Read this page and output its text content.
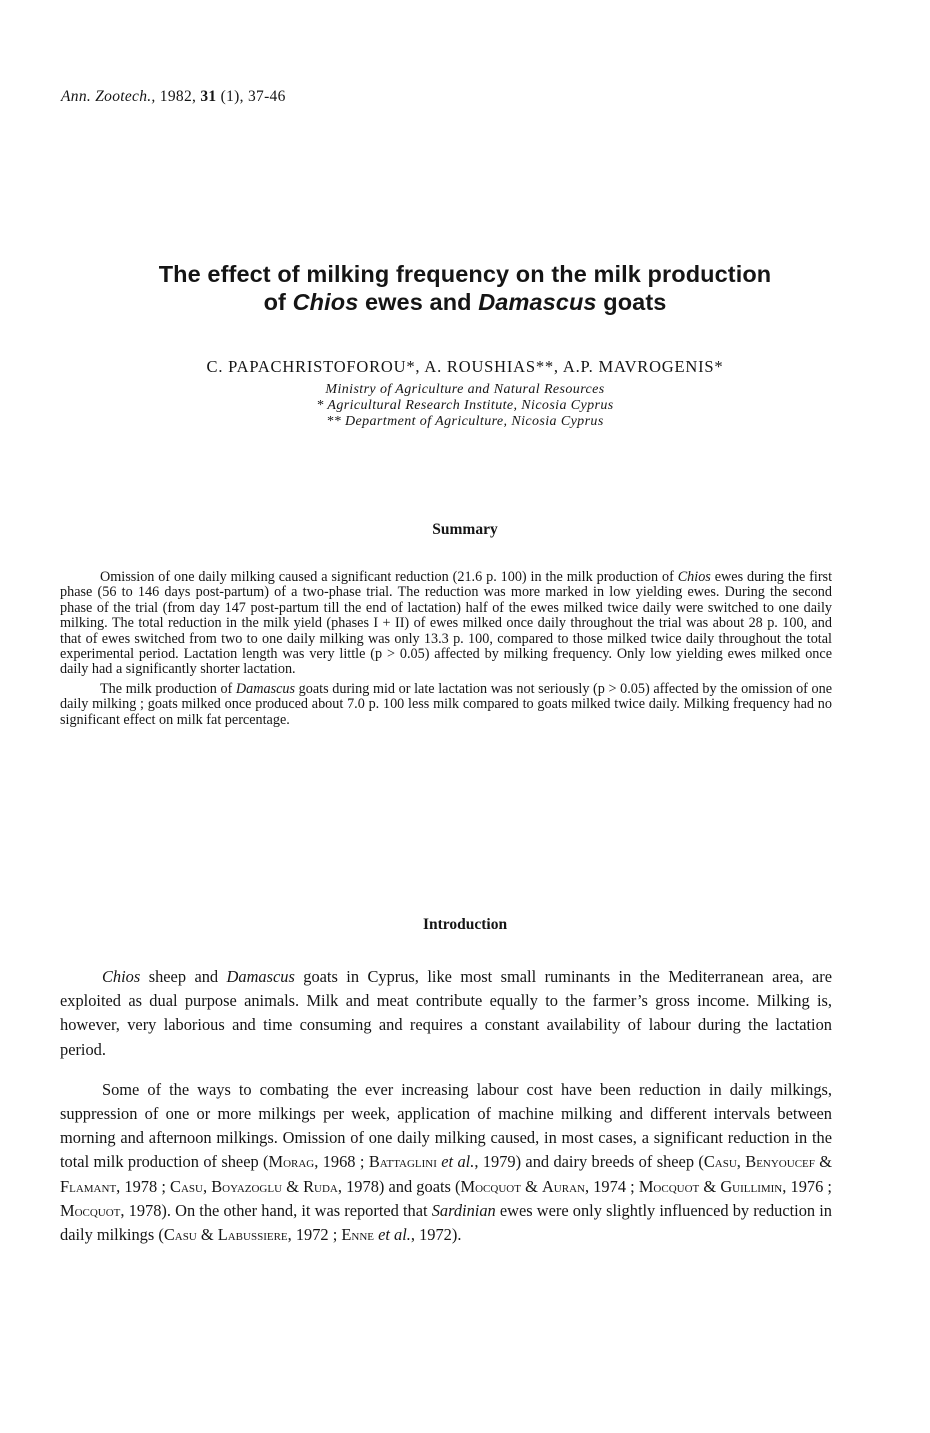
Ann. Zootech., 1982, 31 (1), 37-46
The effect of milking frequency on the milk production
of Chios ewes and Damascus goats
C. PAPACHRISTOFOROU*, A. ROUSHIAS**, A.P. MAVROGENIS*
Ministry of Agriculture and Natural Resources
* Agricultural Research Institute, Nicosia Cyprus
** Department of Agriculture, Nicosia Cyprus
Summary

Omission of one daily milking caused a significant reduction (21.6 p. 100) in the milk production of Chios ewes during the first phase (56 to 146 days post-partum) of a two-phase trial. The reduction was more marked in low yielding ewes. During the second phase of the trial (from day 147 post-partum till the end of lactation) half of the ewes milked twice daily were switched to one daily milking. The total reduction in the milk yield (phases I + II) of ewes milked once daily throughout the trial was about 28 p. 100, and that of ewes switched from two to one daily milking was only 13.3 p. 100, compared to those milked twice daily throughout the total experimental period. Lactation length was very little (p > 0.05) affected by milking frequency. Only low yielding ewes milked once daily had a significantly shorter lactation.

The milk production of Damascus goats during mid or late lactation was not seriously (p > 0.05) affected by the omission of one daily milking ; goats milked once produced about 7.0 p. 100 less milk compared to goats milked twice daily. Milking frequency had no significant effect on milk fat percentage.

Introduction

Chios sheep and Damascus goats in Cyprus, like most small ruminants in the Mediterranean area, are exploited as dual purpose animals. Milk and meat contribute equally to the farmer’s gross income. Milking is, however, very laborious and time consuming and requires a constant availability of labour during the lactation period.

Some of the ways to combating the ever increasing labour cost have been reduction in daily milkings, suppression of one or more milkings per week, application of machine milking and different intervals between morning and afternoon milkings. Omission of one daily milking caused, in most cases, a significant reduction in the total milk production of sheep (Morag, 1968 ; Battaglini et al., 1979) and dairy breeds of sheep (Casu, Benyoucef & Flamant, 1978 ; Casu, Boyazoglu & Ruda, 1978) and goats (Mocquot & Auran, 1974 ; Mocquot & Guillimin, 1976 ; Mocquot, 1978). On the other hand, it was reported that Sardinian ewes were only slightly influenced by reduction in daily milkings (Casu & Labussiere, 1972 ; Enne et al., 1972).
